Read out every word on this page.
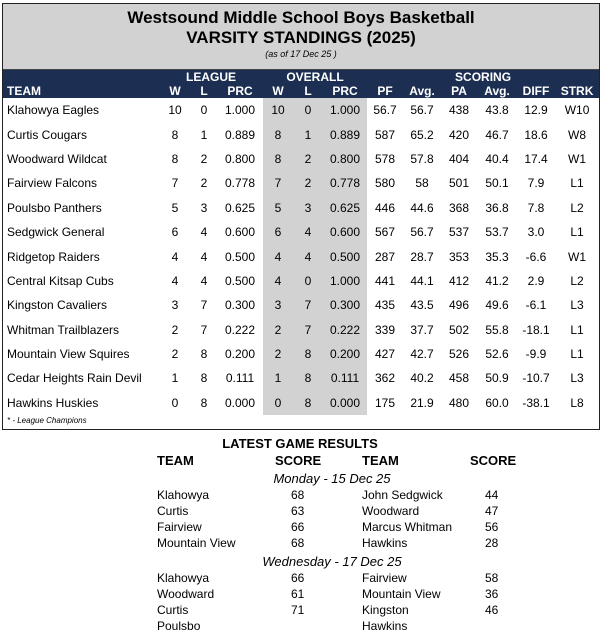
Westsound Middle School Boys Basketball
VARSITY STANDINGS (2025)
(as of 17 Dec 25 )
	LEAGUE			OVERALL			SCORING					
TEAM	W	L	PRC	W	L	PRC	PF	Avg.	PA	Avg.	DIFF	STRK
Klahowya Eagles	10	0	1.000	10	0	1.000	56.7	56.7	438	43.8	12.9	W10
Curtis Cougars	8	1	0.889	8	1	0.889	587	65.2	420	46.7	18.6	W8
Woodward Wildcat	8	2	0.800	8	2	0.800	578	57.8	404	40.4	17.4	W1
Fairview Falcons	7	2	0.778	7	2	0.778	580	58	501	50.1	7.9	L1
Poulsbo Panthers	5	3	0.625	5	3	0.625	446	44.6	368	36.8	7.8	L2
Sedgwick General	6	4	0.600	6	4	0.600	567	56.7	537	53.7	3.0	L1
Ridgetop Raiders	4	4	0.500	4	4	0.500	287	28.7	353	35.3	-6.6	W1
Central Kitsap Cubs	4	4	0.500	4	0	1.000	441	44.1	412	41.2	2.9	L2
Kingston Cavaliers	3	7	0.300	3	7	0.300	435	43.5	496	49.6	-6.1	L3
Whitman Trailblazers	2	7	0.222	2	7	0.222	339	37.7	502	55.8	-18.1	L1
Mountain View Squires	2	8	0.200	2	8	0.200	427	42.7	526	52.6	-9.9	L1
Cedar Heights Rain Devil	1	8	0.111	1	8	0.111	362	40.2	458	50.9	-10.7	L3
Hawkins Huskies	0	8	0.000	0	8	0.000	175	21.9	480	60.0	-38.1	L8
* - League Champions
LATEST GAME RESULTS
TEAM	SCORE	TEAM	SCORE
Monday - 15 Dec 25
Klahowya	68	John Sedgwick	44
Curtis	63	Woodward	47
Fairview	66	Marcus Whitman	56
Mountain View	68	Hawkins	28
Wednesday - 17 Dec 25
Klahowya	66	Fairview	58
Woodward	61	Mountain View	36
Curtis	71	Kingston	46
Poulsbo	Hawkins
